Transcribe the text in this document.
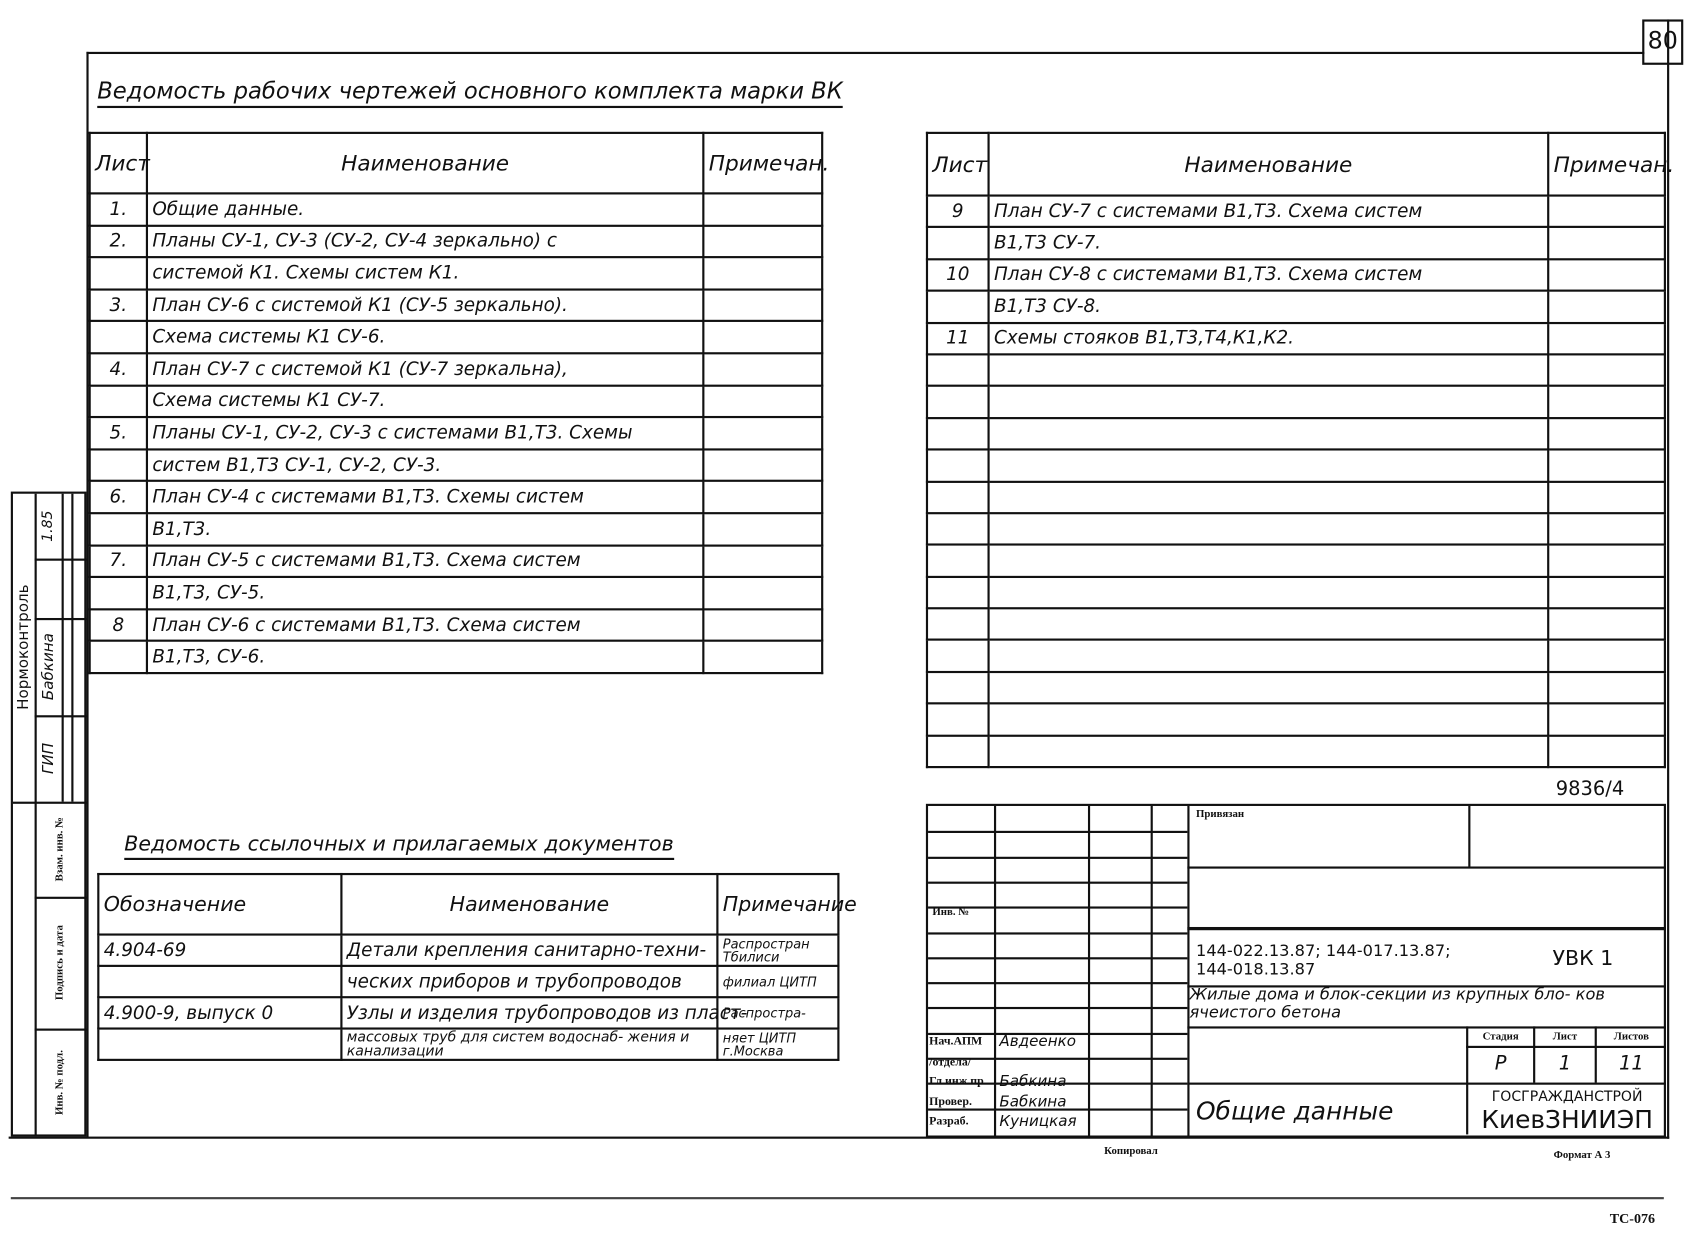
80
Ведомость рабочих чертежей основного комплекта марки ВК
Лист	Наименование	Примечан.
1.	Общие данные.	
2.	Планы СУ-1, СУ-3 (СУ-2, СУ-4 зеркально) с	
	системой К1. Схемы систем К1.	
3.	План СУ-6 с системой К1 (СУ-5 зеркально).	
	Схема системы К1 СУ-6.	
4.	План СУ-7 с системой К1 (СУ-7 зеркальна),	
	Схема системы К1 СУ-7.	
5.	Планы СУ-1, СУ-2, СУ-3 с системами В1,Т3. Схемы	
	систем В1,Т3 СУ-1, СУ-2, СУ-3.	
6.	План СУ-4 с системами В1,Т3. Схемы систем	
	В1,Т3.	
7.	План СУ-5 с системами В1,Т3. Схема систем	
	В1,Т3, СУ-5.	
8	План СУ-6 с системами В1,Т3. Схема систем	
	В1,Т3, СУ-6.	
Лист	Наименование	Примечан.
9	План СУ-7 с системами В1,Т3. Схема систем	
	В1,Т3 СУ-7.	
10	План СУ-8 с системами В1,Т3. Схема систем	
	В1,Т3 СУ-8.	
11	Схемы стояков В1,Т3,Т4,К1,К2.	

Ведомость ссылочных и прилагаемых документов
Обозначение	Наименование	Примечание
4.904-69	Детали крепления санитарно-техни-	Распростран Тбилиси
	ческих приборов и трубопроводов	филиал ЦИТП
4.900-9, выпуск 0	Узлы и изделия трубопроводов из пласт-	Распростра-
	массовых труб для систем водоснаб- жения и канализации	няет ЦИТП г.Москва
Нормоконтроль Бабкина
ГИП
1.85
Взам. инв. №
Подпись и дата
Инв. № подл.
9836/4
Нач.АПМ Авдеенко
/отдела/
Гл.инж.пр Бабкина
Провер. Бабкина
Разраб. Куницкая
Привязан
Инв. №
144-022.13.87; 144-017.13.87; 144-018.13.87	УВК 1
Жилые дома и блок-секции из крупных бло- ков ячеистого бетона
Стадия	Лист	Листов
Р	1	11
Общие данные
ГОСГРАЖДАНСТРОЙ
КиевЗНИИЭП
Копировал	Формат А 3
ТС-076
